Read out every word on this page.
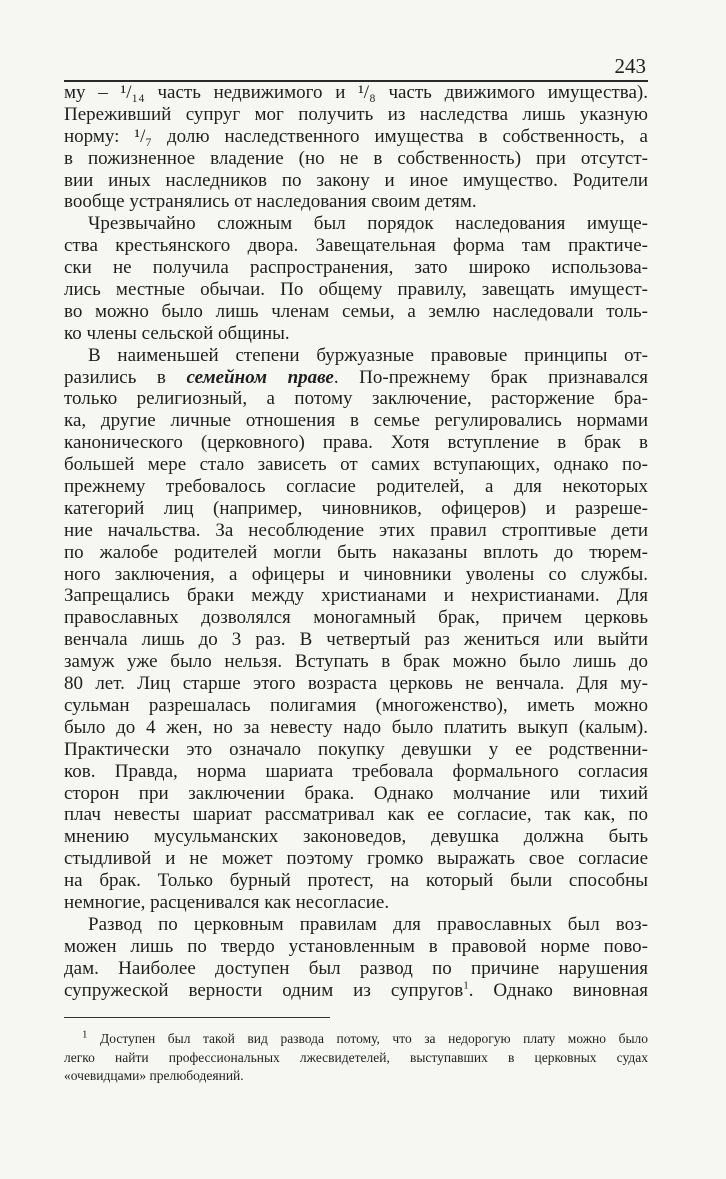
243
му – ¹/₁₄ часть недвижимого и ¹/₈ часть движимого имущества).
Переживший супруг мог получить из наследства лишь указную
норму: ¹/₇ долю наследственного имущества в собственность, а
в пожизненное владение (но не в собственность) при отсутст-
вии иных наследников по закону и иное имущество. Родители
вообще устранялись от наследования своим детям.
Чрезвычайно сложным был порядок наследования имуще-
ства крестьянского двора. Завещательная форма там практиче-
ски не получила распространения, зато широко использова-
лись местные обычаи. По общему правилу, завещать имущест-
во можно было лишь членам семьи, а землю наследовали толь-
ко члены сельской общины.
В наименьшей степени буржуазные правовые принципы от-
разились в семейном праве. По-прежнему брак признавался
только религиозный, а потому заключение, расторжение бра-
ка, другие личные отношения в семье регулировались нормами
канонического (церковного) права. Хотя вступление в брак в
большей мере стало зависеть от самих вступающих, однако по-
прежнему требовалось согласие родителей, а для некоторых
категорий лиц (например, чиновников, офицеров) и разреше-
ние начальства. За несоблюдение этих правил строптивые дети
по жалобе родителей могли быть наказаны вплоть до тюрем-
ного заключения, а офицеры и чиновники уволены со службы.
Запрещались браки между христианами и нехристианами. Для
православных дозволялся моногамный брак, причем церковь
венчала лишь до 3 раз. В четвертый раз жениться или выйти
замуж уже было нельзя. Вступать в брак можно было лишь до
80 лет. Лиц старше этого возраста церковь не венчала. Для му-
сульман разрешалась полигамия (многоженство), иметь можно
было до 4 жен, но за невесту надо было платить выкуп (калым).
Практически это означало покупку девушки у ее родственни-
ков. Правда, норма шариата требовала формального согласия
сторон при заключении брака. Однако молчание или тихий
плач невесты шариат рассматривал как ее согласие, так как, по
мнению мусульманских законоведов, девушка должна быть
стыдливой и не может поэтому громко выражать свое согласие
на брак. Только бурный протест, на который были способны
немногие, расценивался как несогласие.
Развод по церковным правилам для православных был воз-
можен лишь по твердо установленным в правовой норме пово-
дам. Наиболее доступен был развод по причине нарушения
супружеской верности одним из супругов$^1$. Однако виновная
$^1$ Доступен был такой вид развода потому, что за недорогую плату можно было
легко найти профессиональных лжесвидетелей, выступавших в церковных судах
«очевидцами» прелюбодеяний.
